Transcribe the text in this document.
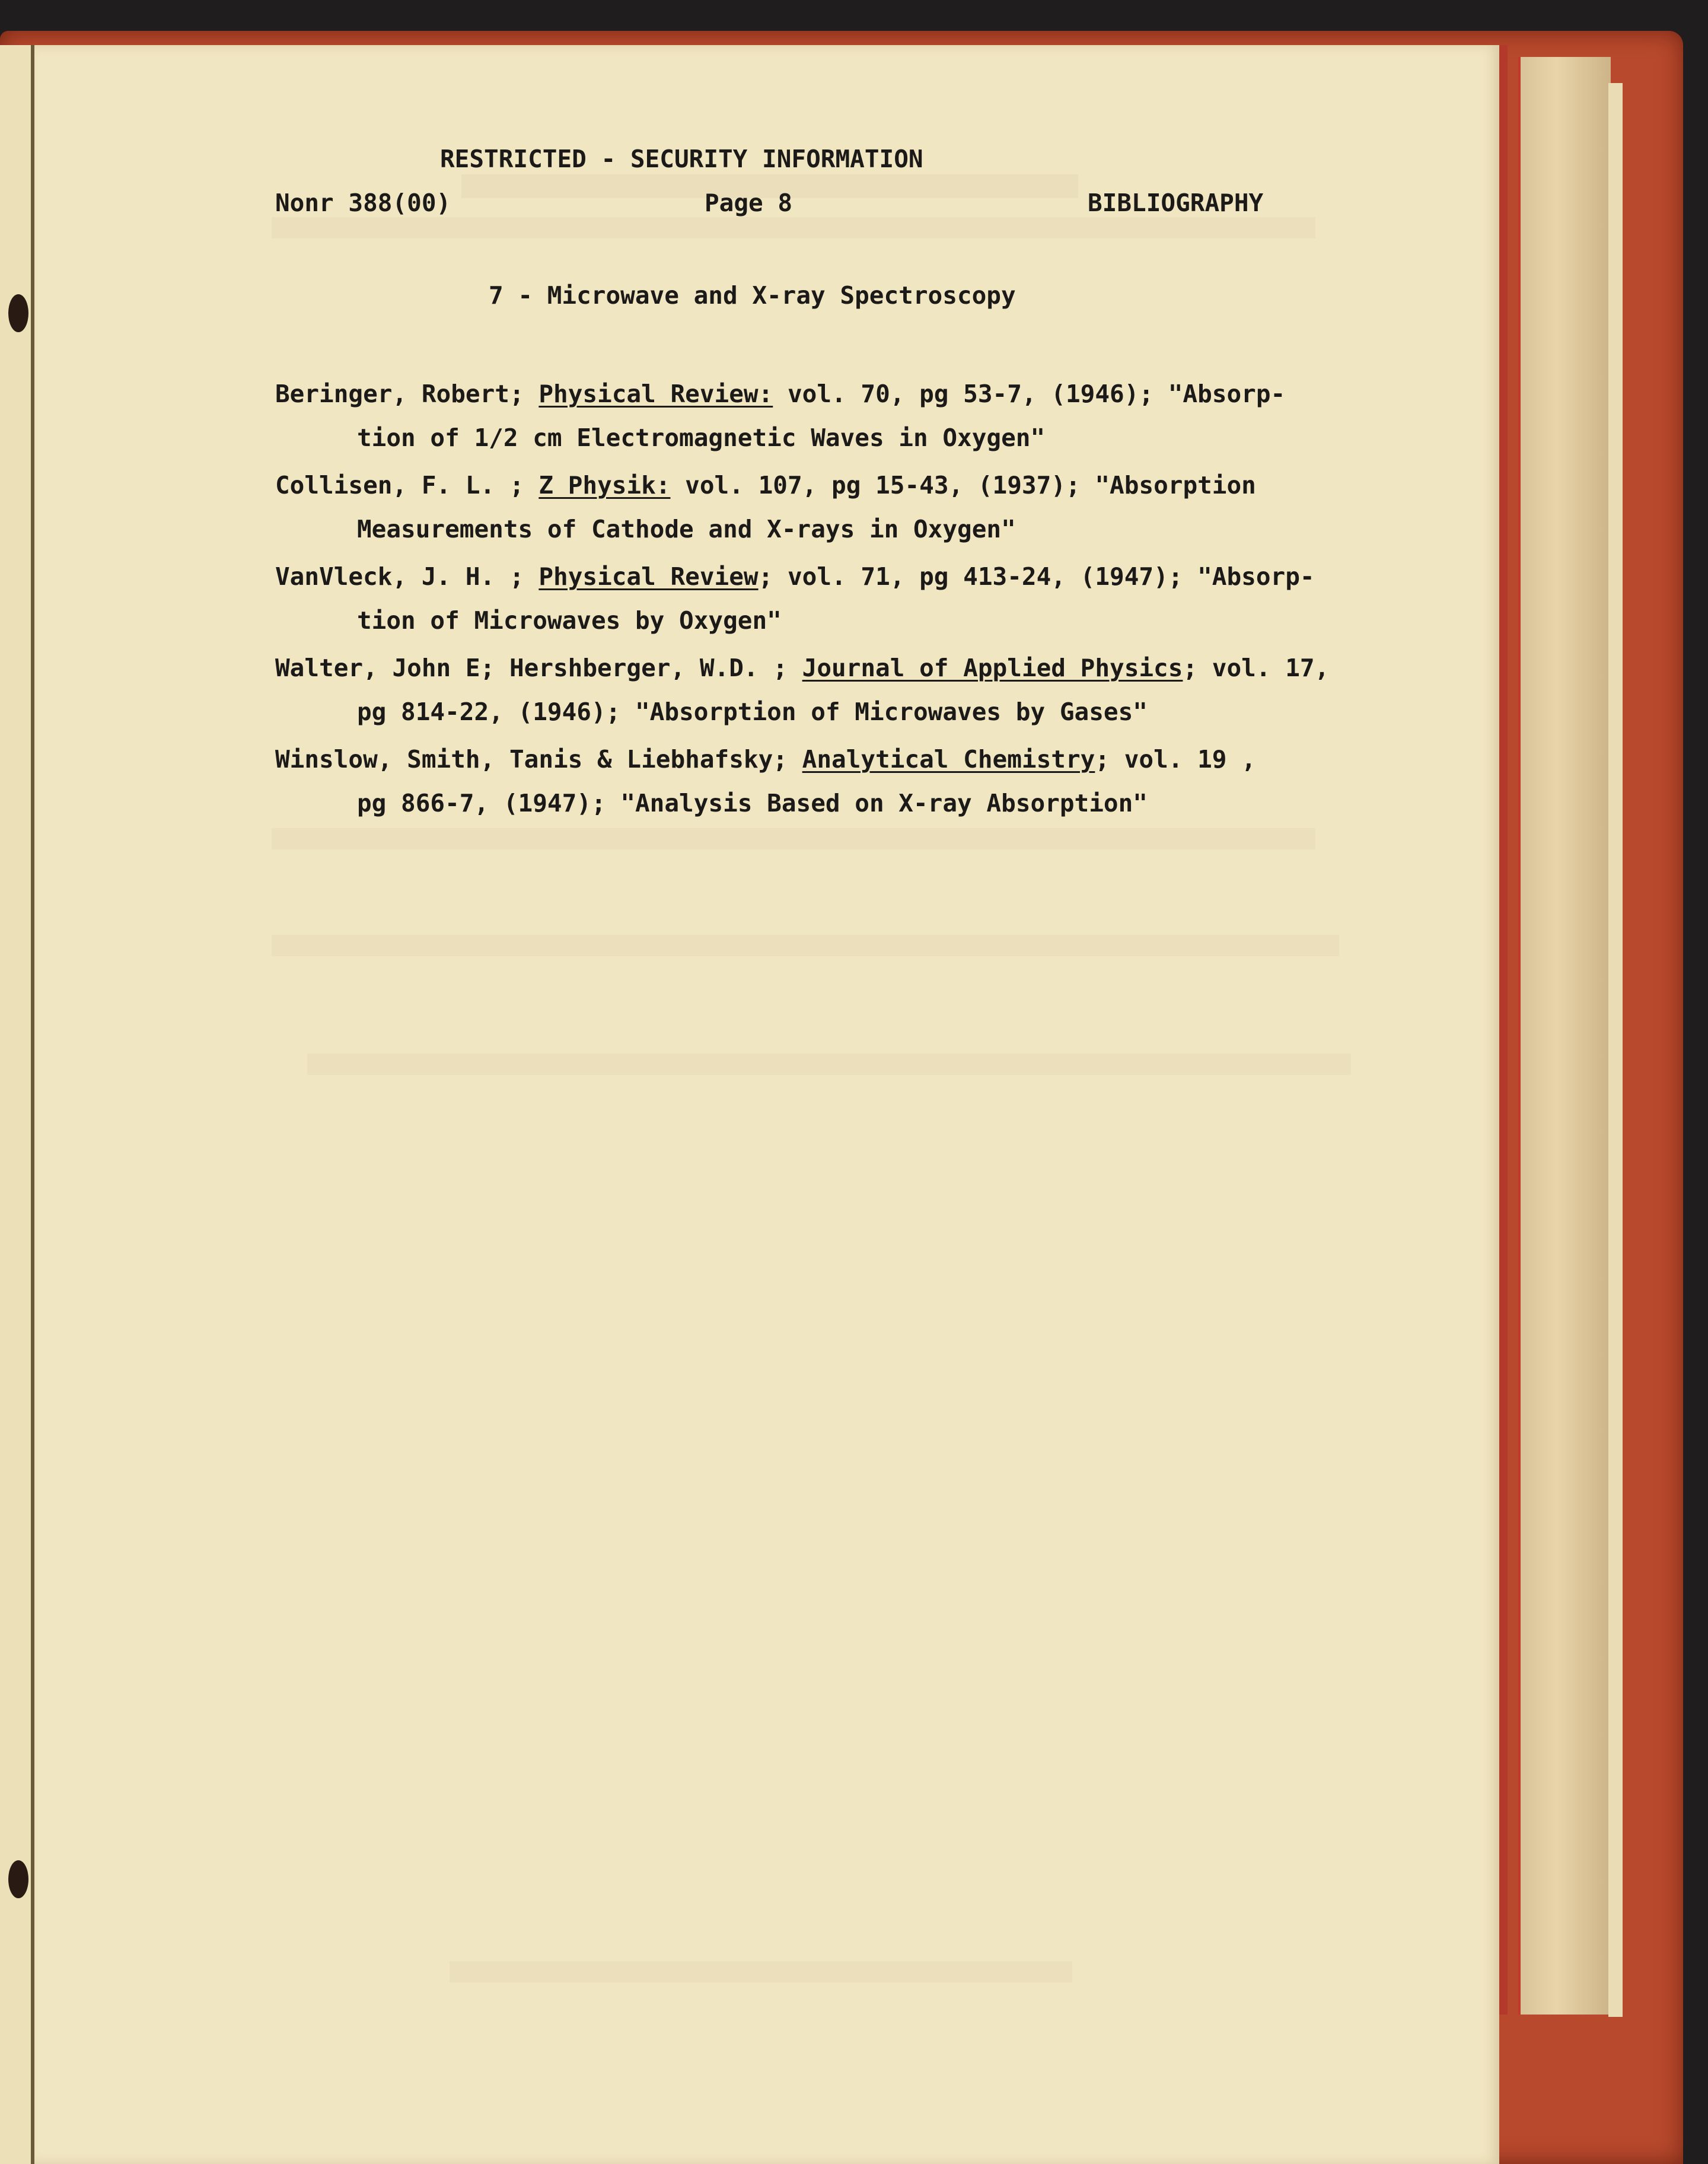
RESTRICTED - SECURITY INFORMATION
Nonr 388(00)	Page 8	BIBLIOGRAPHY
7 - Microwave and X-ray Spectroscopy
Beringer, Robert; Physical Review: vol. 70, pg 53-7, (1946); "Absorp-
tion of 1/2 cm Electromagnetic Waves in Oxygen"
Collisen, F. L. ; Z Physik: vol. 107, pg 15-43, (1937); "Absorption
Measurements of Cathode and X-rays in Oxygen"
VanVleck, J. H. ; Physical Review; vol. 71, pg 413-24, (1947); "Absorp-
tion of Microwaves by Oxygen"
Walter, John E; Hershberger, W.D. ; Journal of Applied Physics; vol. 17,
pg 814-22, (1946); "Absorption of Microwaves by Gases"
Winslow, Smith, Tanis & Liebhafsky; Analytical Chemistry; vol. 19 ,
pg 866-7, (1947); "Analysis Based on X-ray Absorption"
